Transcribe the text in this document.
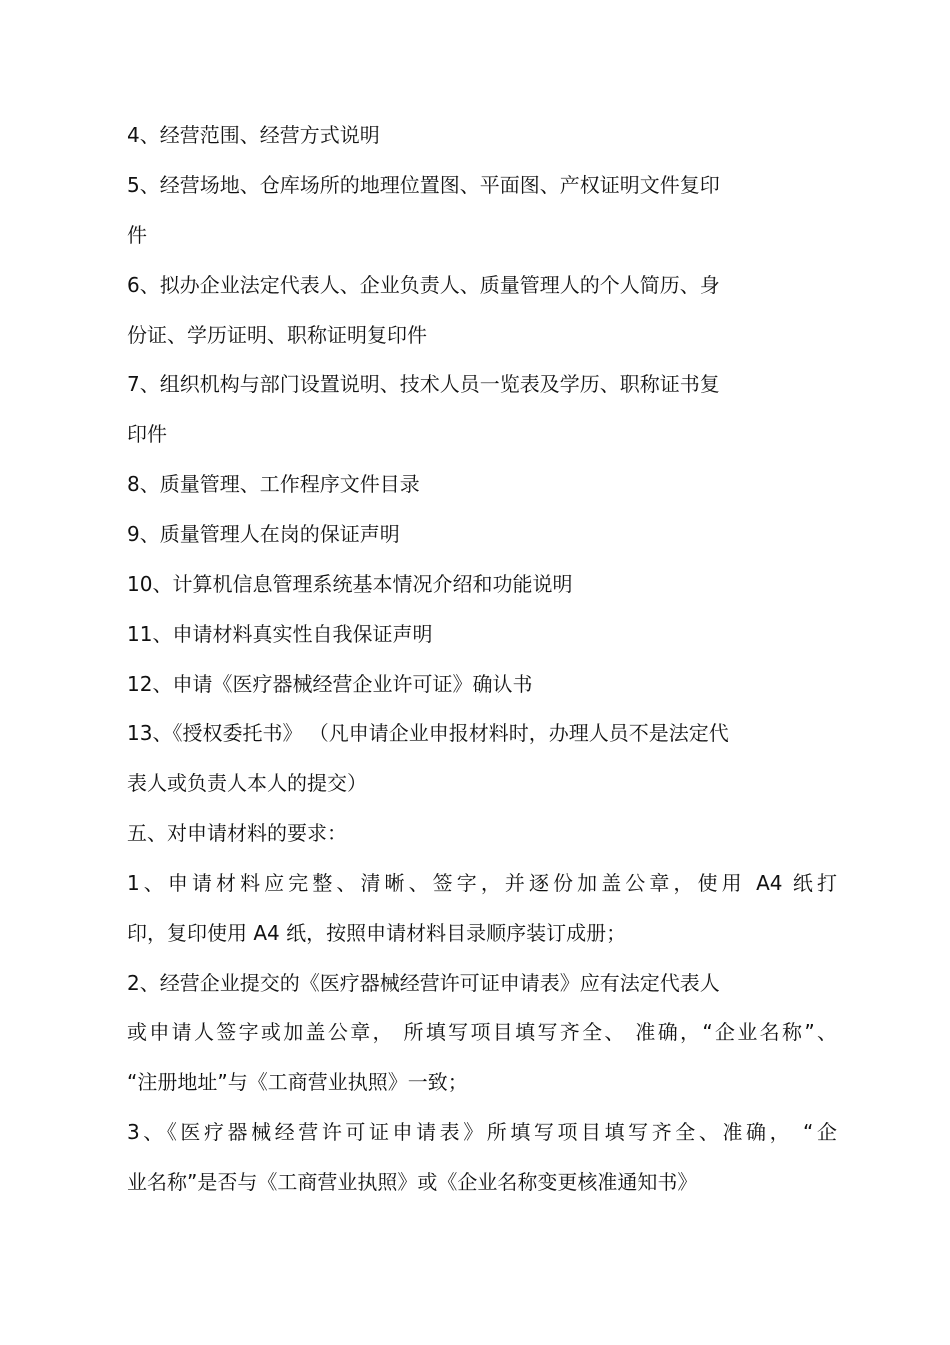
4、经营范围、经营方式说明
5、经营场地、仓库场所的地理位置图、平面图、产权证明文件复印
件
6、拟办企业法定代表人、企业负责人、质量管理人的个人简历、身
份证、学历证明、职称证明复印件
7、组织机构与部门设置说明、技术人员一览表及学历、职称证书复
印件
8、质量管理、工作程序文件目录
9、质量管理人在岗的保证声明
10、计算机信息管理系统基本情况介绍和功能说明
11、申请材料真实性自我保证声明
12、申请《医疗器械经营企业许可证》确认书
13、《授权委托书》 （凡申请企业申报材料时，办理人员不是法定代
表人或负责人本人的提交）
五、对申请材料的要求：
1、申请材料应完整、清晰、签字，并逐份加盖公章，使用 A4 纸打
印，复印使用 A4 纸，按照申请材料目录顺序装订成册；
2、经营企业提交的《医疗器械经营许可证申请表》应有法定代表人
或申请人签字或加盖公章， 所填写项目填写齐全、 准确，“企业名称”、
“注册地址”与《工商营业执照》一致；
3、《医疗器械经营许可证申请表》所填写项目填写齐全、准确， “企
业名称”是否与《工商营业执照》或《企业名称变更核准通知书》
